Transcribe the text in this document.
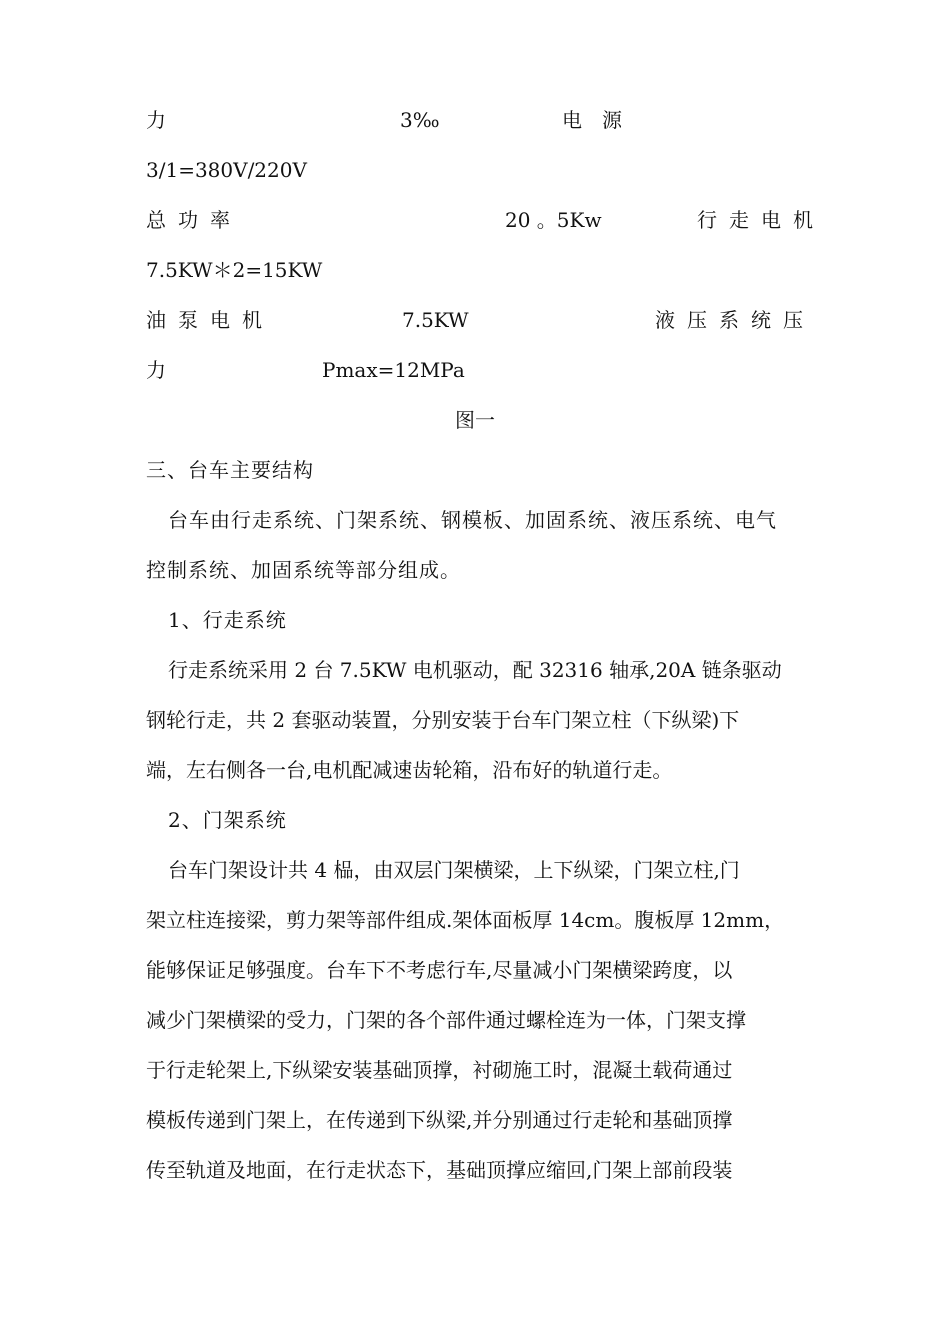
力	3‰	电　源
3/1=380V/220V
总功率	20 。5Kw	行走电机
7.5KW＊2=15KW
油泵电机	7.5KW	液压系统压
力	Pmax=12MPa
图一
三、台车主要结构
台车由行走系统、门架系统、钢模板、加固系统、液压系统、电气
控制系统、加固系统等部分组成。
1、行走系统
行走系统采用 2 台 7.5KW 电机驱动，配 32316 轴承,20A 链条驱动
钢轮行走，共 2 套驱动装置，分别安装于台车门架立柱（下纵梁)下
端，左右侧各一台,电机配减速齿轮箱，沿布好的轨道行走。
2、门架系统
台车门架设计共 4 榀，由双层门架横梁，上下纵梁，门架立柱,门
架立柱连接梁，剪力架等部件组成.架体面板厚 14cm。腹板厚 12mm，
能够保证足够强度。台车下不考虑行车,尽量减小门架横梁跨度，以
减少门架横梁的受力，门架的各个部件通过螺栓连为一体，门架支撑
于行走轮架上,下纵梁安装基础顶撑，衬砌施工时，混凝土载荷通过
模板传递到门架上，在传递到下纵梁,并分别通过行走轮和基础顶撑
传至轨道及地面，在行走状态下，基础顶撑应缩回,门架上部前段装
